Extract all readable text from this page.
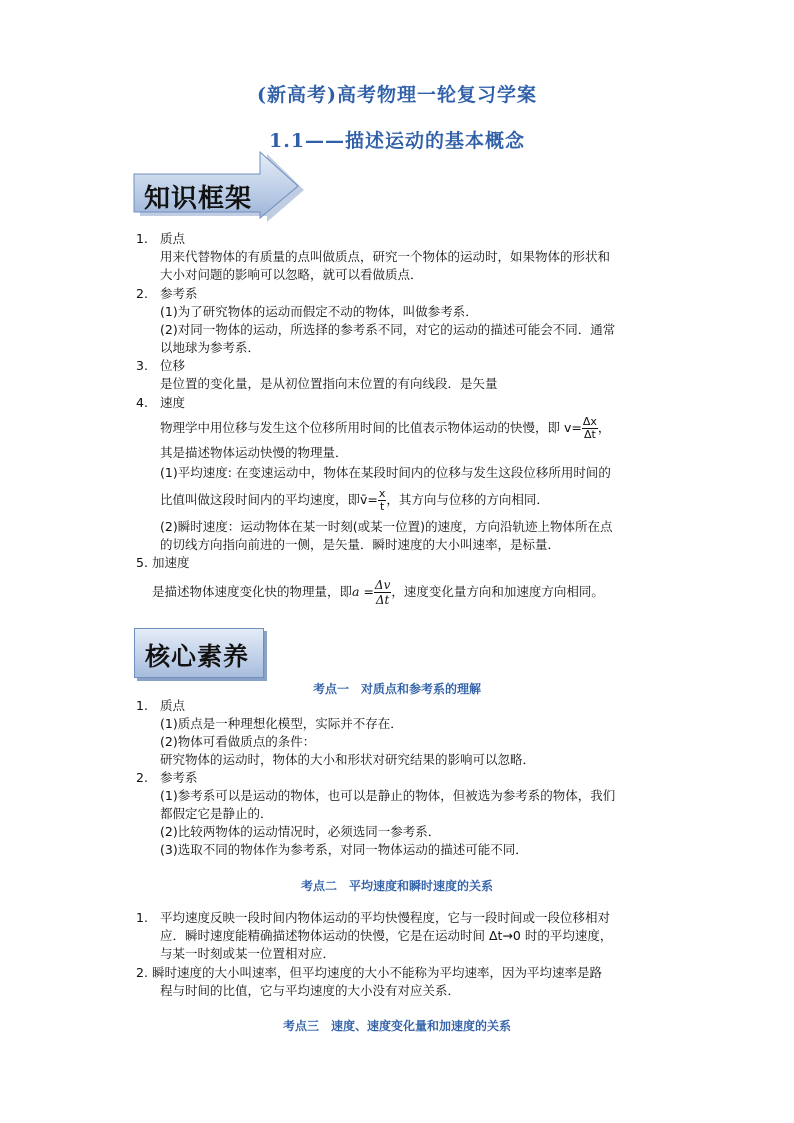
(新高考)高考物理一轮复习学案
1.1——描述运动的基本概念
知识框架
1. 质点
用来代替物体的有质量的点叫做质点，研究一个物体的运动时，如果物体的形状和
大小对问题的影响可以忽略，就可以看做质点．
2. 参考系
(1)为了研究物体的运动而假定不动的物体，叫做参考系．
(2)对同一物体的运动，所选择的参考系不同，对它的运动的描述可能会不同．通常
以地球为参考系．
3. 位移
是位置的变化量，是从初位置指向末位置的有向线段．是矢量
4. 速度
物理学中用位移与发生这个位移所用时间的比值表示物体运动的快慢，即 $v= \frac{\Delta x}{\Delta t}$ ，
其是描述物体运动快慢的物理量．
(1)平均速度: 在变速运动中，物体在某段时间内的位移与发生这段位移所用时间的
比值叫做这段时间内的平均速度，即v̄= $\frac{x}{t}$ ，其方向与位移的方向相同．
(2)瞬时速度：运动物体在某一时刻(或某一位置)的速度，方向沿轨迹上物体所在点
的切线方向指向前进的一侧，是矢量．瞬时速度的大小叫速率，是标量．
5. 加速度
是描述物体速度变化快的物理量，即$a = \frac{\Delta v}{\Delta t}$ ，速度变化量方向和加速度方向相同。
核心素养
考点一　对质点和参考系的理解
1. 质点
(1)质点是一种理想化模型，实际并不存在．
(2)物体可看做质点的条件：
研究物体的运动时，物体的大小和形状对研究结果的影响可以忽略．
2. 参考系
(1)参考系可以是运动的物体，也可以是静止的物体，但被选为参考系的物体，我们
都假定它是静止的．
(2)比较两物体的运动情况时，必须选同一参考系．
(3)选取不同的物体作为参考系，对同一物体运动的描述可能不同．
考点二　平均速度和瞬时速度的关系
1. 平均速度反映一段时间内物体运动的平均快慢程度，它与一段时间或一段位移相对
应．瞬时速度能精确描述物体运动的快慢，它是在运动时间 Δt→0 时的平均速度，
与某一时刻或某一位置相对应．
2. 瞬时速度的大小叫速率，但平均速度的大小不能称为平均速率，因为平均速率是路
程与时间的比值，它与平均速度的大小没有对应关系．
考点三　速度、速度变化量和加速度的关系
